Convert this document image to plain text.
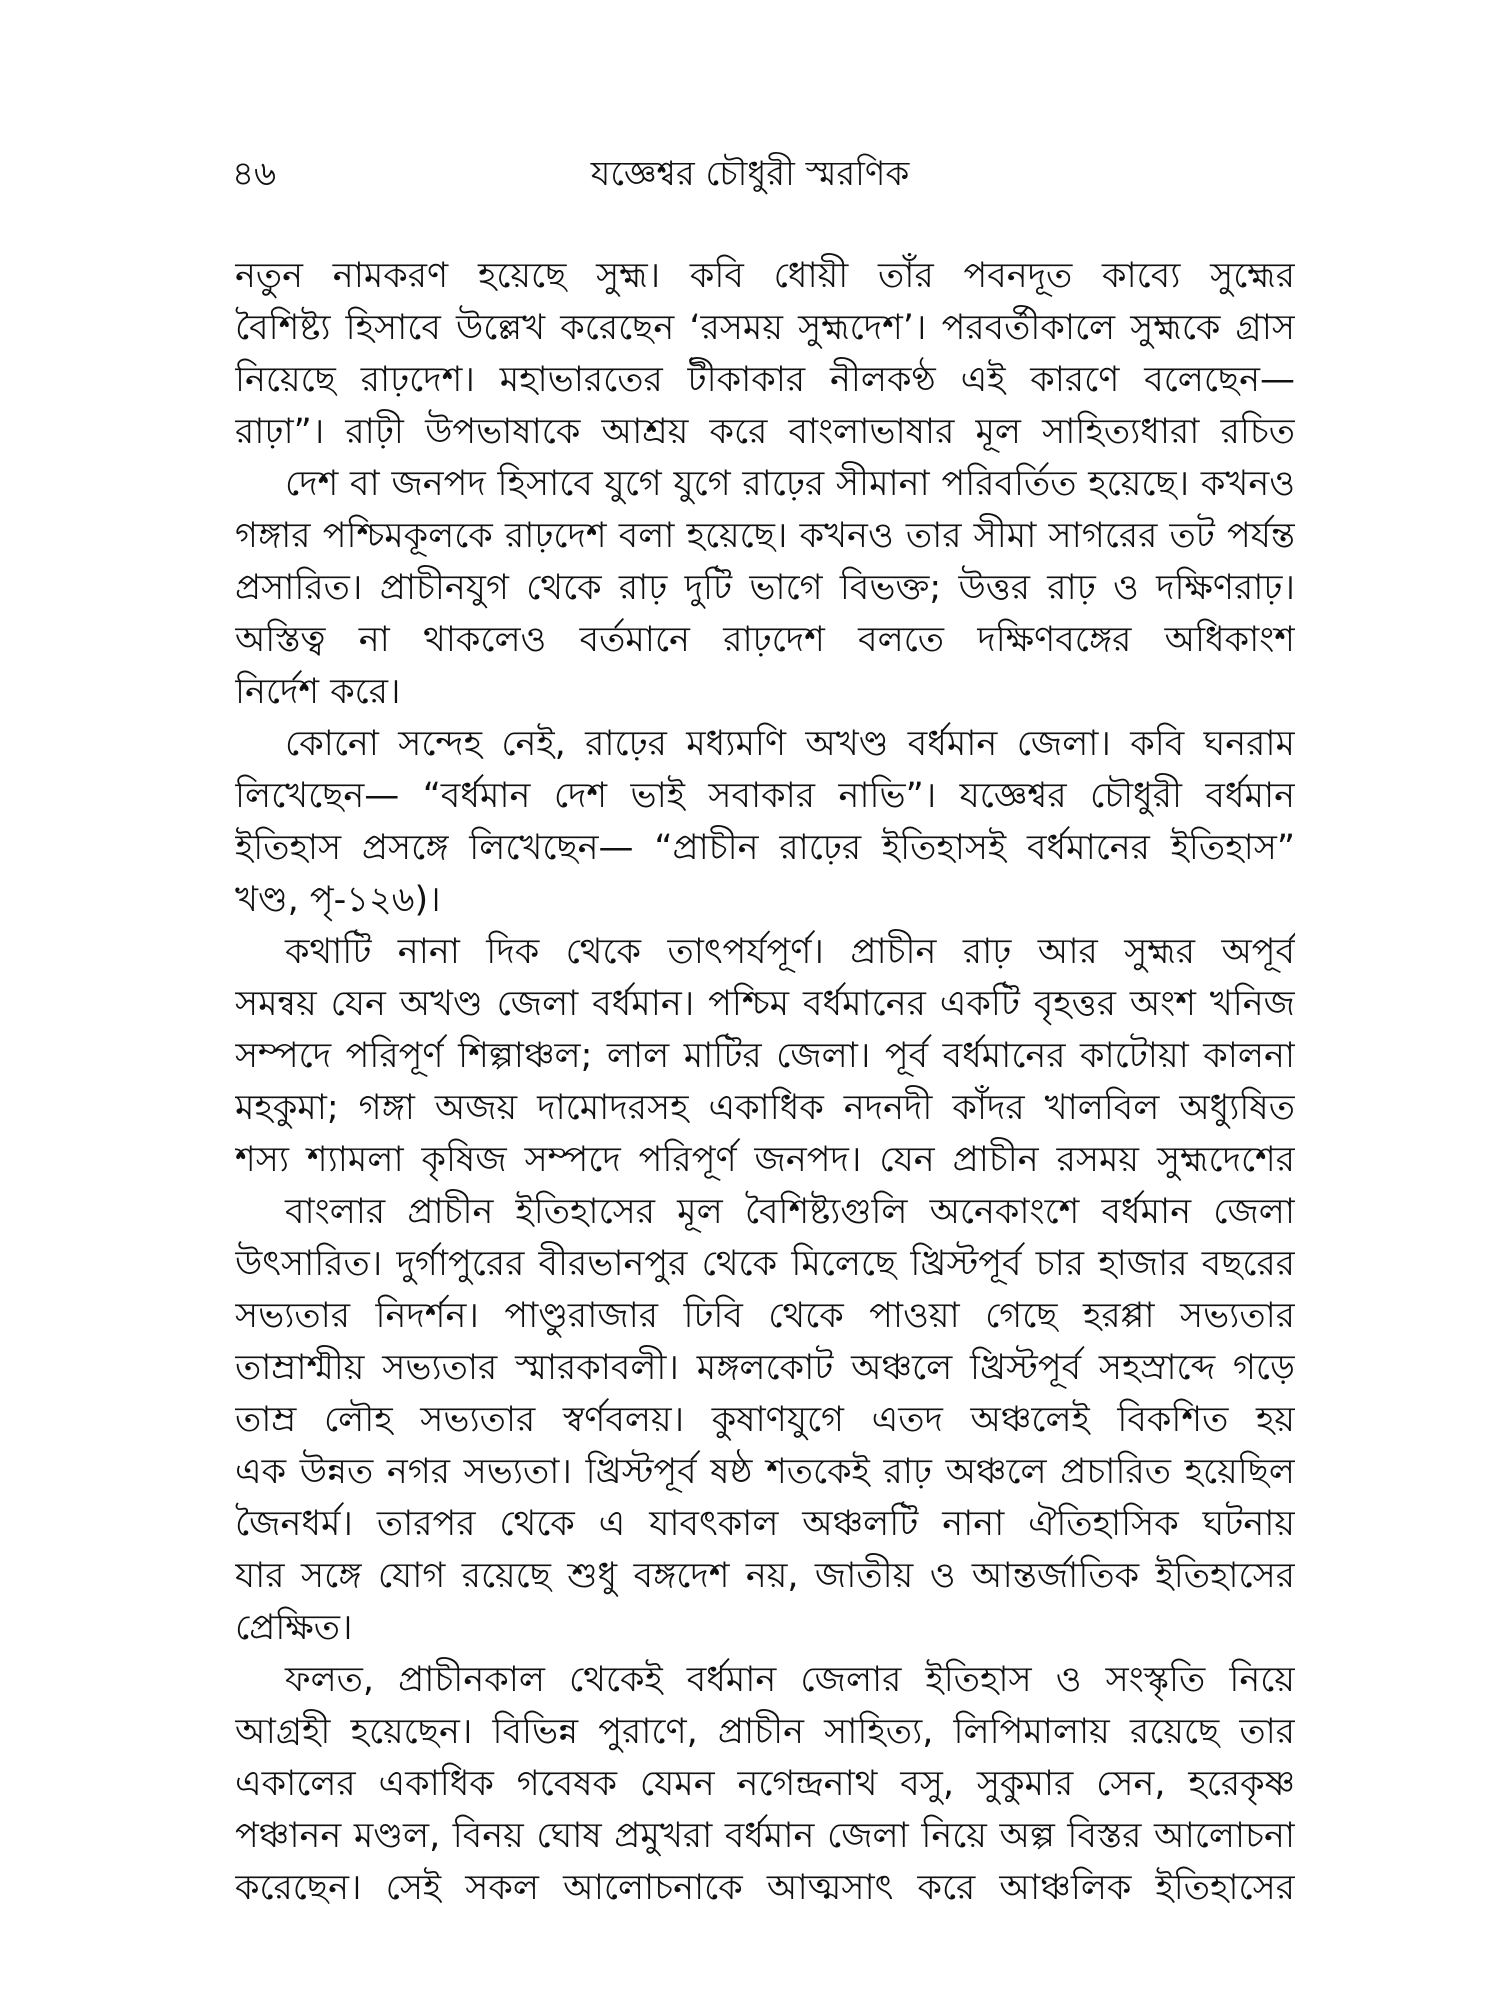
৪৬	যজ্ঞেশ্বর চৌধুরী স্মরণিক
নতুন নামকরণ হয়েছে সুহ্ম। কবি ধোয়ী তাঁর পবনদূত কাব্যে সুহ্মের
বৈশিষ্ট্য হিসাবে উল্লেখ করেছেন ‘রসময় সুহ্মদেশ’। পরবর্তীকালে সুহ্মকে গ্রাস
নিয়েছে রাঢ়দেশ। মহাভারতের টীকাকার নীলকণ্ঠ এই কারণে বলেছেন—
রাঢ়া”। রাঢ়ী উপভাষাকে আশ্রয় করে বাংলাভাষার মূল সাহিত্যধারা রচিত
দেশ বা জনপদ হিসাবে যুগে যুগে রাঢ়ের সীমানা পরিবর্তিত হয়েছে। কখনও
গঙ্গার পশ্চিমকূলকে রাঢ়দেশ বলা হয়েছে। কখনও তার সীমা সাগরের তট পর্যন্ত
প্রসারিত। প্রাচীনযুগ থেকে রাঢ় দুটি ভাগে বিভক্ত; উত্তর রাঢ় ও দক্ষিণরাঢ়।
অস্তিত্ব না থাকলেও বর্তমানে রাঢ়দেশ বলতে দক্ষিণবঙ্গের অধিকাংশ
নির্দেশ করে।
কোনো সন্দেহ নেই, রাঢ়ের মধ্যমণি অখণ্ড বর্ধমান জেলা। কবি ঘনরাম
লিখেছেন— “বর্ধমান দেশ ভাই সবাকার নাভি”। যজ্ঞেশ্বর চৌধুরী বর্ধমান
ইতিহাস প্রসঙ্গে লিখেছেন— “প্রাচীন রাঢ়ের ইতিহাসই বর্ধমানের ইতিহাস”
খণ্ড, পৃ-১২৬)।
কথাটি নানা দিক থেকে তাৎপর্যপূর্ণ। প্রাচীন রাঢ় আর সুহ্মর অপূর্ব
সমন্বয় যেন অখণ্ড জেলা বর্ধমান। পশ্চিম বর্ধমানের একটি বৃহত্তর অংশ খনিজ
সম্পদে পরিপূর্ণ শিল্পাঞ্চল; লাল মাটির জেলা। পূর্ব বর্ধমানের কাটোয়া কালনা
মহকুমা; গঙ্গা অজয় দামোদরসহ একাধিক নদনদী কাঁদর খালবিল অধ্যুষিত
শস্য শ্যামলা কৃষিজ সম্পদে পরিপূর্ণ জনপদ। যেন প্রাচীন রসময় সুহ্মদেশের
বাংলার প্রাচীন ইতিহাসের মূল বৈশিষ্ট্যগুলি অনেকাংশে বর্ধমান জেলা
উৎসারিত। দুর্গাপুরের বীরভানপুর থেকে মিলেছে খ্রিস্টপূর্ব চার হাজার বছরের
সভ্যতার নিদর্শন। পাণ্ডুরাজার ঢিবি থেকে পাওয়া গেছে হরপ্পা সভ্যতার
তাম্রাশ্মীয় সভ্যতার স্মারকাবলী। মঙ্গলকোট অঞ্চলে খ্রিস্টপূর্ব সহস্রাব্দে গড়ে
তাম্র লৌহ সভ্যতার স্বর্ণবলয়। কুষাণযুগে এতদ অঞ্চলেই বিকশিত হয়
এক উন্নত নগর সভ্যতা। খ্রিস্টপূর্ব ষষ্ঠ শতকেই রাঢ় অঞ্চলে প্রচারিত হয়েছিল
জৈনধর্ম। তারপর থেকে এ যাবৎকাল অঞ্চলটি নানা ঐতিহাসিক ঘটনায়
যার সঙ্গে যোগ রয়েছে শুধু বঙ্গদেশ নয়, জাতীয় ও আন্তর্জাতিক ইতিহাসের
প্রেক্ষিত।
ফলত, প্রাচীনকাল থেকেই বর্ধমান জেলার ইতিহাস ও সংস্কৃতি নিয়ে
আগ্রহী হয়েছেন। বিভিন্ন পুরাণে, প্রাচীন সাহিত্য, লিপিমালায় রয়েছে তার
একালের একাধিক গবেষক যেমন নগেন্দ্রনাথ বসু, সুকুমার সেন, হরেকৃষ্ণ
পঞ্চানন মণ্ডল, বিনয় ঘোষ প্রমুখরা বর্ধমান জেলা নিয়ে অল্প বিস্তর আলোচনা
করেছেন। সেই সকল আলোচনাকে আত্মসাৎ করে আঞ্চলিক ইতিহাসের
